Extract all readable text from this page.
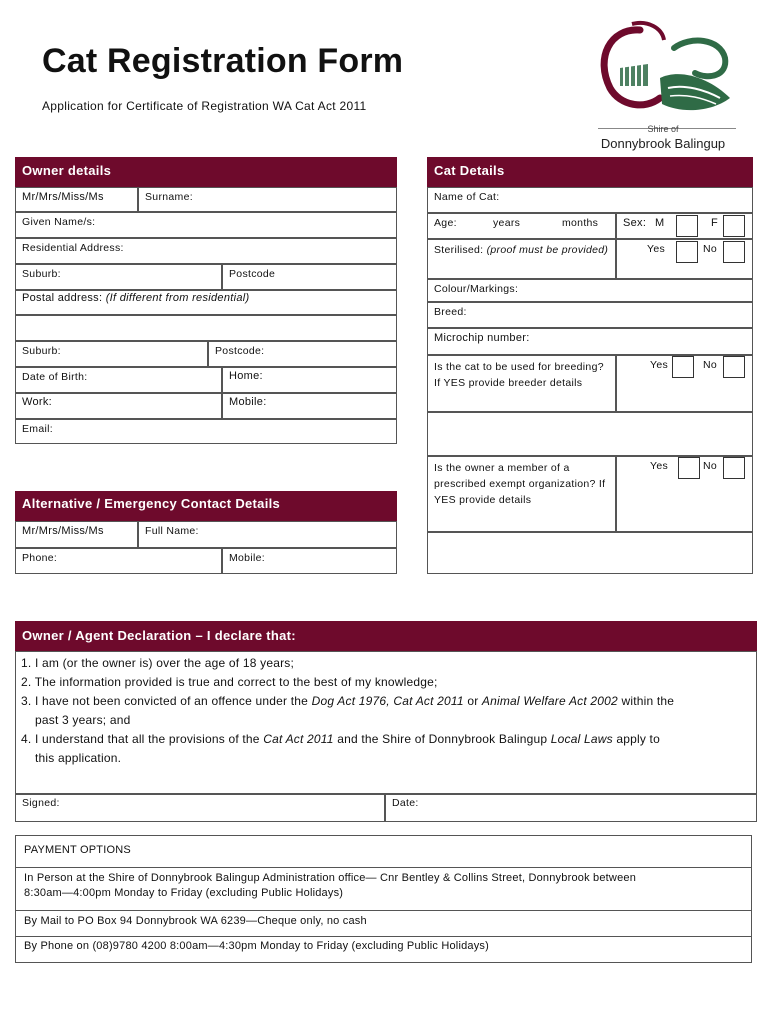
Cat Registration Form
Application for Certificate of Registration WA Cat Act 2011
Shire of
Donnybrook Balingup
Owner details
Mr/Mrs/Miss/Ms	Surname:
Given Name/s:
Residential Address:
Suburb:	Postcode
Postal address: (If different from residential)
Suburb:	Postcode:
Date of Birth:	Home:
Work:	Mobile:
Email:
Cat Details
Name of Cat:
Age:	years	months	Sex: M	F
Sterilised: (proof must be provided)	Yes	No
Colour/Markings:
Breed:
Microchip number:
Is the cat to be used for breeding? If YES provide breeder details
Yes	No
Is the owner a member of a prescribed exempt organization? If YES provide details
Yes	No
Alternative / Emergency Contact Details
Mr/Mrs/Miss/Ms	Full Name:
Phone:	Mobile:
Owner / Agent Declaration – I declare that:
1. I am (or the owner is) over the age of 18 years;
2. The information provided is true and correct to the best of my knowledge;
3. I have not been convicted of an offence under the Dog Act 1976, Cat Act 2011 or Animal Welfare Act 2002 within the
past 3 years; and
4. I understand that all the provisions of the Cat Act 2011 and the Shire of Donnybrook Balingup Local Laws apply to
this application.
Signed:	Date:
PAYMENT OPTIONS
In Person at the Shire of Donnybrook Balingup Administration office— Cnr Bentley & Collins Street, Donnybrook between
8:30am—4:00pm Monday to Friday (excluding Public Holidays)
By Mail to PO Box 94 Donnybrook WA 6239—Cheque only, no cash
By Phone on (08)9780 4200 8:00am—4:30pm Monday to Friday (excluding Public Holidays)
